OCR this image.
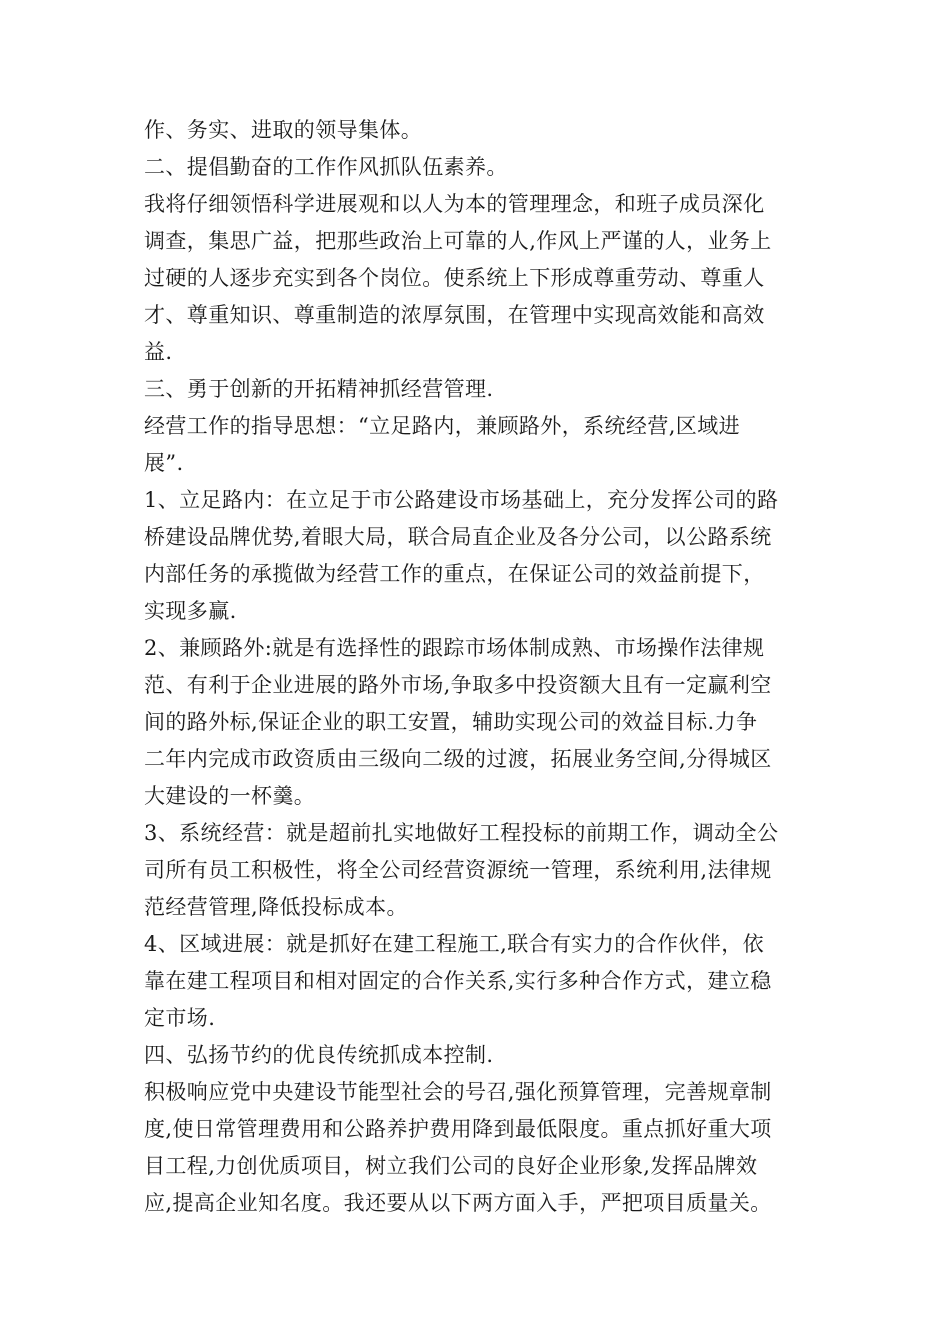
作、务实、进取的领导集体。
二、提倡勤奋的工作作风抓队伍素养。
我将仔细领悟科学进展观和以人为本的管理理念，和班子成员深化
调查，集思广益，把那些政治上可靠的人,作风上严谨的人，业务上
过硬的人逐步充实到各个岗位。使系统上下形成尊重劳动、尊重人
才、尊重知识、尊重制造的浓厚氛围，在管理中实现高效能和高效
益.
三、勇于创新的开拓精神抓经营管理.
经营工作的指导思想：“立足路内，兼顾路外，系统经营,区域进
展”.
1、立足路内：在立足于市公路建设市场基础上，充分发挥公司的路
桥建设品牌优势,着眼大局，联合局直企业及各分公司，以公路系统
内部任务的承揽做为经营工作的重点，在保证公司的效益前提下，
实现多赢.
2、兼顾路外:就是有选择性的跟踪市场体制成熟、市场操作法律规
范、有利于企业进展的路外市场,争取多中投资额大且有一定赢利空
间的路外标,保证企业的职工安置，辅助实现公司的效益目标.力争
二年内完成市政资质由三级向二级的过渡，拓展业务空间,分得城区
大建设的一杯羹。
3、系统经营：就是超前扎实地做好工程投标的前期工作，调动全公
司所有员工积极性，将全公司经营资源统一管理，系统利用,法律规
范经营管理,降低投标成本。
4、区域进展：就是抓好在建工程施工,联合有实力的合作伙伴，依
靠在建工程项目和相对固定的合作关系,实行多种合作方式，建立稳
定市场.
四、弘扬节约的优良传统抓成本控制.
积极响应党中央建设节能型社会的号召,强化预算管理，完善规章制
度,使日常管理费用和公路养护费用降到最低限度。重点抓好重大项
目工程,力创优质项目，树立我们公司的良好企业形象,发挥品牌效
应,提高企业知名度。我还要从以下两方面入手，严把项目质量关。
